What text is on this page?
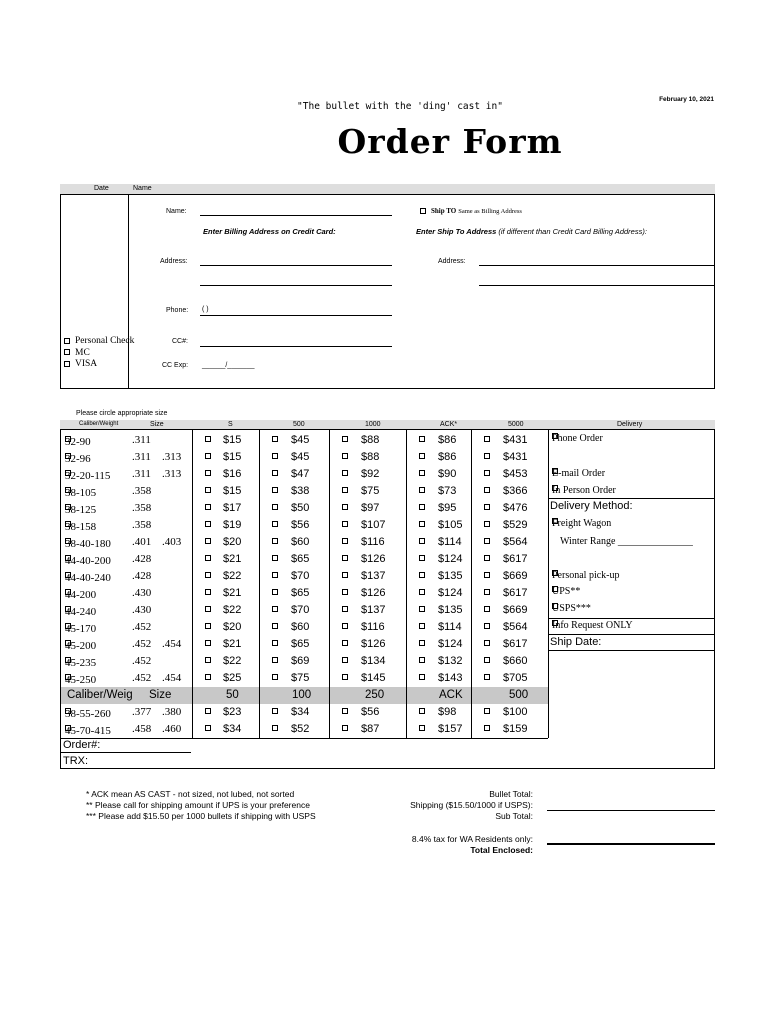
February 10, 2021
"The bullet with the 'ding' cast in"
Order Form
Date	Name
Name:	Ship TO Same as Billing Address
Enter Billing Address on Credit Card:	Enter Ship To Address (if different than Credit Card Billing Address):
Address:	Address:
Phone: ( )
Personal Check
MC
VISA
CC#:
CC Exp: ______/_______
Please circle appropriate size
Caliber/Weight	Size	S	500	1000	ACK*	5000	Delivery
32-90	.311	$15	$45	$88	$86	$431
32-96	.311 .313	$15	$45	$88	$86	$431
32-20-115 .311 .313	$16	$47	$92	$90	$453
38-105	.358	$15	$38	$75	$73	$366
38-125	.358	$17	$50	$97	$95	$476
38-158	.358	$19	$56	$107	$105	$529
38-40-180 .401 .403	$20	$60	$116	$114	$564
44-40-200 .428	$21	$65	$126	$124	$617
44-40-240 .428	$22	$70	$137	$135	$669
44-200	.430	$21	$65	$126	$124	$617
44-240	.430	$22	$70	$137	$135	$669
45-170	.452	$20	$60	$116	$114	$564
45-200	.452 .454	$21	$65	$126	$124	$617
45-235	.452	$22	$69	$134	$132	$660
45-250	.452 .454	$25	$75	$145	$143	$705
Caliber/Weig Size	50	100	250	ACK	500
38-55-260 .377 .380	$23	$34	$56	$98	$100
45-70-415 .458 .460	$34	$52	$87	$157	$159
Order#:
TRX:
Phone Order
E-mail Order
In Person Order
Delivery Method:
Freight Wagon
Winter Range _______________
Personal pick-up
UPS**
USPS***
Info Request ONLY
Ship Date:
* ACK mean AS CAST - not sized, not lubed, not sorted
** Please call for shipping amount if UPS is your preference
*** Please add $15.50 per 1000 bullets if shipping with USPS
Bullet Total:
Shipping ($15.50/1000 if USPS):
Sub Total:
8.4% tax for WA Residents only:
Total Enclosed:
